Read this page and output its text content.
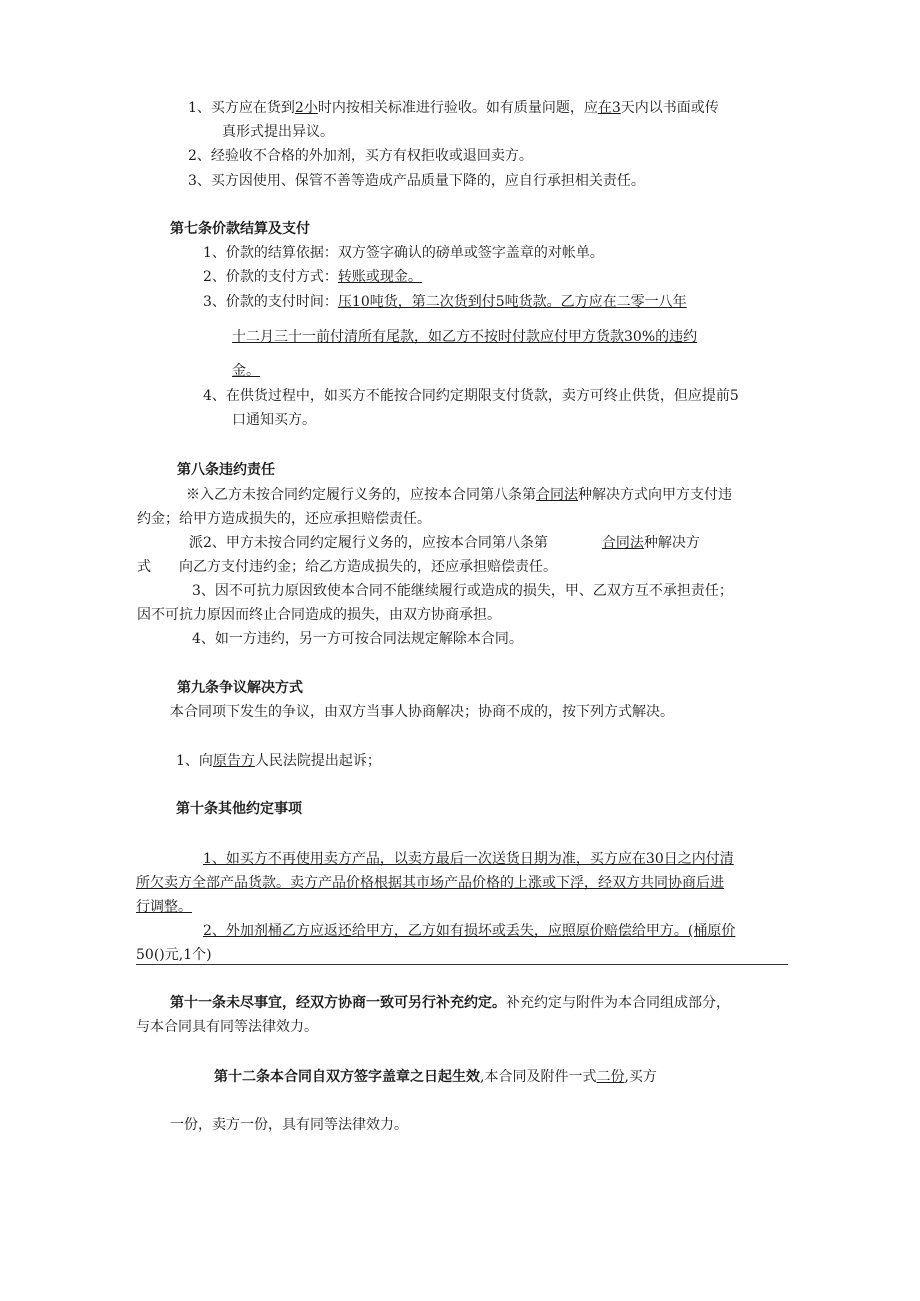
1、买方应在货到2小时内按相关标准进行验收。如有质量问题，应在3天内以书面或传
真形式提出异议。
2、经验收不合格的外加剂，买方有权拒收或退回卖方。
3、买方因使用、保管不善等造成产品质量下降的，应自行承担相关责任。
第七条价款结算及支付
1、价款的结算依据：双方签字确认的磅单或签字盖章的对帐单。
2、价款的支付方式：转账或现金。
3、价款的支付时间：压10吨货，第二次货到付5吨货款。乙方应在二零一八年
十二月三十一前付清所有尾款，如乙方不按时付款应付甲方货款30%的违约
金。
4、在供货过程中，如买方不能按合同约定期限支付货款，卖方可终止供货，但应提前5
口通知买方。
第八条违约责任
※入乙方未按合同约定履行义务的，应按本合同第八条第合同法种解决方式向甲方支付违
约金；给甲方造成损失的，还应承担赔偿责任。
派2、甲方未按合同约定履行义务的，应按本合同第八条第	合同法种解决方
式 向乙方支付违约金；给乙方造成损失的，还应承担赔偿责任。
3、因不可抗力原因致使本合同不能继续履行或造成的损失，甲、乙双方互不承担责任；
因不可抗力原因而终止合同造成的损失，由双方协商承担。
4、如一方违约，另一方可按合同法规定解除本合同。
第九条争议解决方式
本合同项下发生的争议，由双方当事人协商解决；协商不成的，按下列方式解决。
1、向原告方人民法院提出起诉；
第十条其他约定事项
1、如买方不再使用卖方产品，以卖方最后一次送货日期为准，买方应在30日之内付清
所欠卖方全部产品货款。卖方产品价格根据其市场产品价格的上涨或下浮，经双方共同协商后进
行调整。
2、外加剂桶乙方应返还给甲方，乙方如有损坏或丢失，应照原价赔偿给甲方。(桶原价
50()元,1个)
第十一条未尽事宜，经双方协商一致可另行补充约定。补充约定与附件为本合同组成部分，
与本合同具有同等法律效力。
第十二条本合同自双方签字盖章之日起生效,本合同及附件一式二份,买方
一份，卖方一份，具有同等法律效力。
